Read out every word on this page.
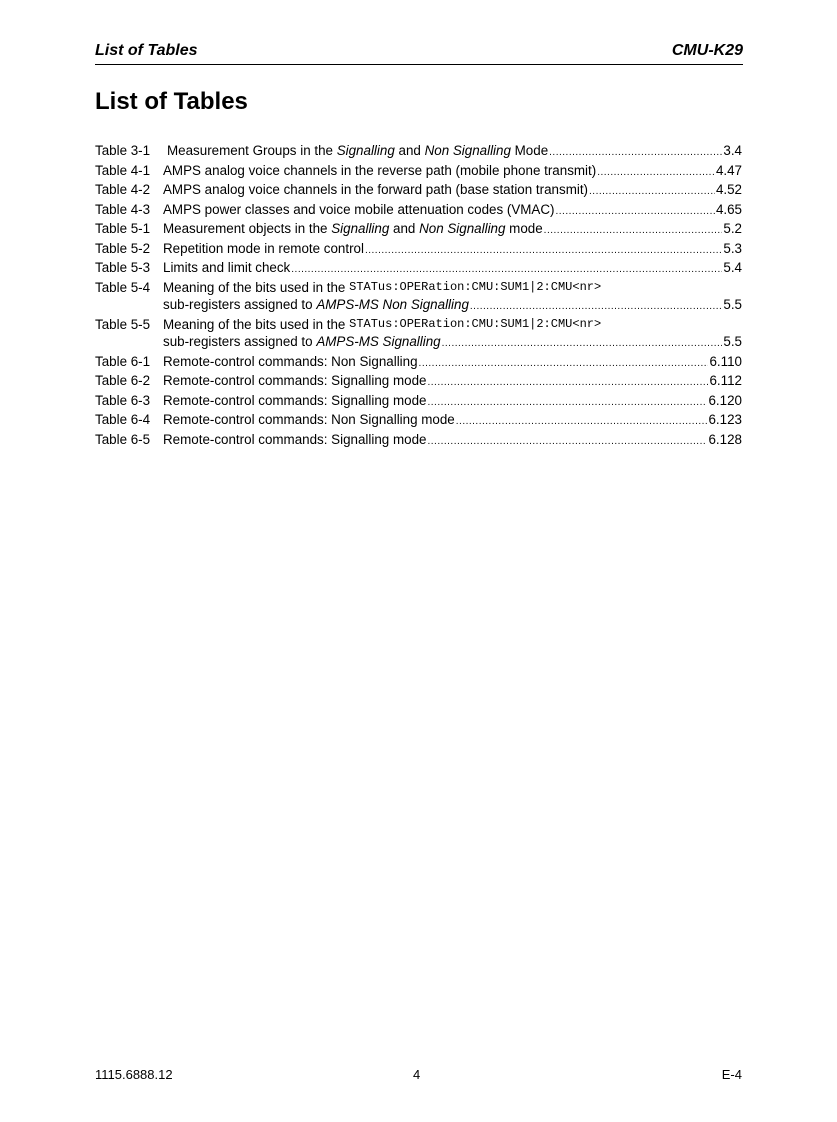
List of Tables	CMU-K29
List of Tables
Table 3-1	Measurement Groups in the Signalling and Non Signalling Mode .....	3.4
Table 4-1 AMPS analog voice channels in the reverse path (mobile phone transmit) .....	4.47
Table 4-2 AMPS analog voice channels in the forward path (base station transmit) .....	4.52
Table 4-3 AMPS power classes and voice mobile attenuation codes (VMAC) .....	4.65
Table 5-1 Measurement objects in the Signalling and Non Signalling mode .....	5.2
Table 5-2 Repetition mode in remote control .....	5.3
Table 5-3 Limits and limit check .....	5.4
Table 5-4 Meaning of the bits used in the
STATus:OPERation:CMU:SUM1|2:CMU<nr>
sub-registers assigned to AMPS-MS Non Signalling .....	5.5
Table 5-5 Meaning of the bits used in the
STATus:OPERation:CMU:SUM1|2:CMU<nr>
sub-registers assigned to AMPS-MS Signalling .....	5.5
Table 6-1 Remote-control commands: Non Signalling .....	6.110
Table 6-2 Remote-control commands: Signalling mode .....	6.112
Table 6-3 Remote-control commands: Signalling mode .....	6.120
Table 6-4 Remote-control commands: Non Signalling mode .....	6.123
Table 6-5 Remote-control commands: Signalling mode .....	6.128
1115.6888.12	4	E-4
